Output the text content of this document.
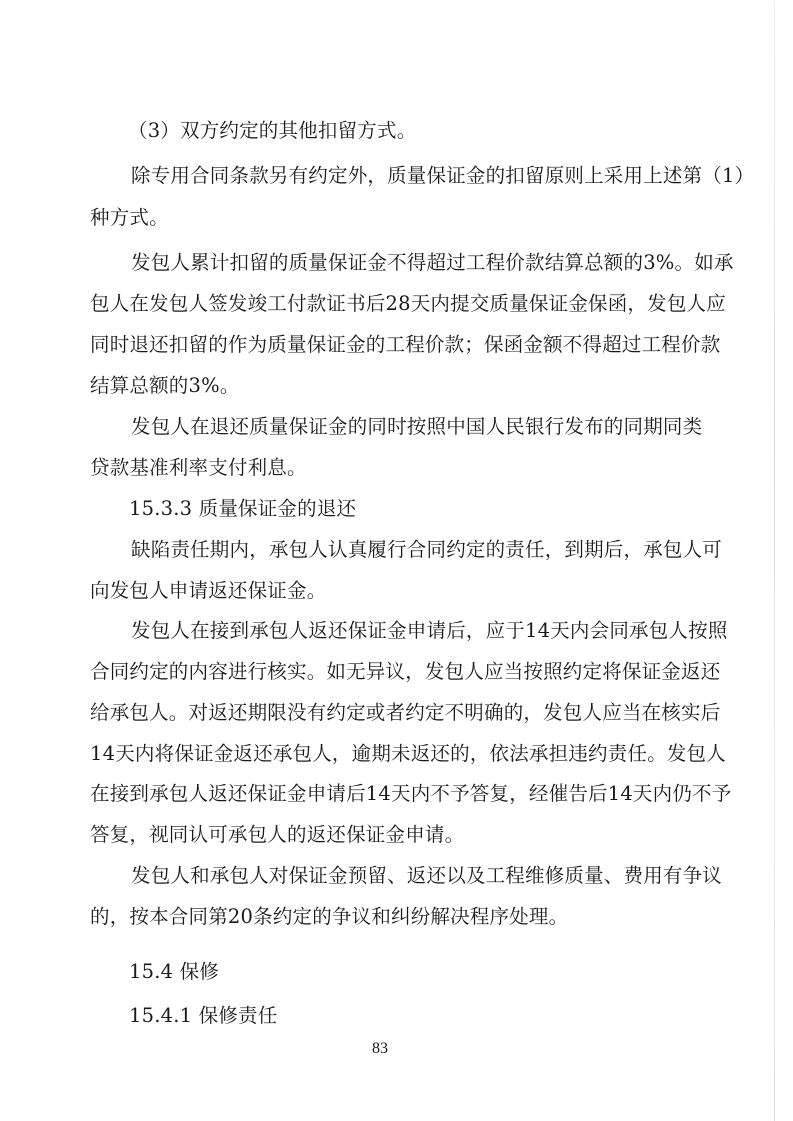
（3）双方约定的其他扣留方式。
除专用合同条款另有约定外，质量保证金的扣留原则上采用上述第（1）
种方式。
发包人累计扣留的质量保证金不得超过工程价款结算总额的3%。如承
包人在发包人签发竣工付款证书后28天内提交质量保证金保函，发包人应
同时退还扣留的作为质量保证金的工程价款；保函金额不得超过工程价款
结算总额的3%。
发包人在退还质量保证金的同时按照中国人民银行发布的同期同类
贷款基准利率支付利息。
15.3.3 质量保证金的退还
缺陷责任期内，承包人认真履行合同约定的责任，到期后，承包人可
向发包人申请返还保证金。
发包人在接到承包人返还保证金申请后，应于14天内会同承包人按照
合同约定的内容进行核实。如无异议，发包人应当按照约定将保证金返还
给承包人。对返还期限没有约定或者约定不明确的，发包人应当在核实后
14天内将保证金返还承包人，逾期未返还的，依法承担违约责任。发包人
在接到承包人返还保证金申请后14天内不予答复，经催告后14天内仍不予
答复，视同认可承包人的返还保证金申请。
发包人和承包人对保证金预留、返还以及工程维修质量、费用有争议
的，按本合同第20条约定的争议和纠纷解决程序处理。
15.4 保修
15.4.1 保修责任
83
